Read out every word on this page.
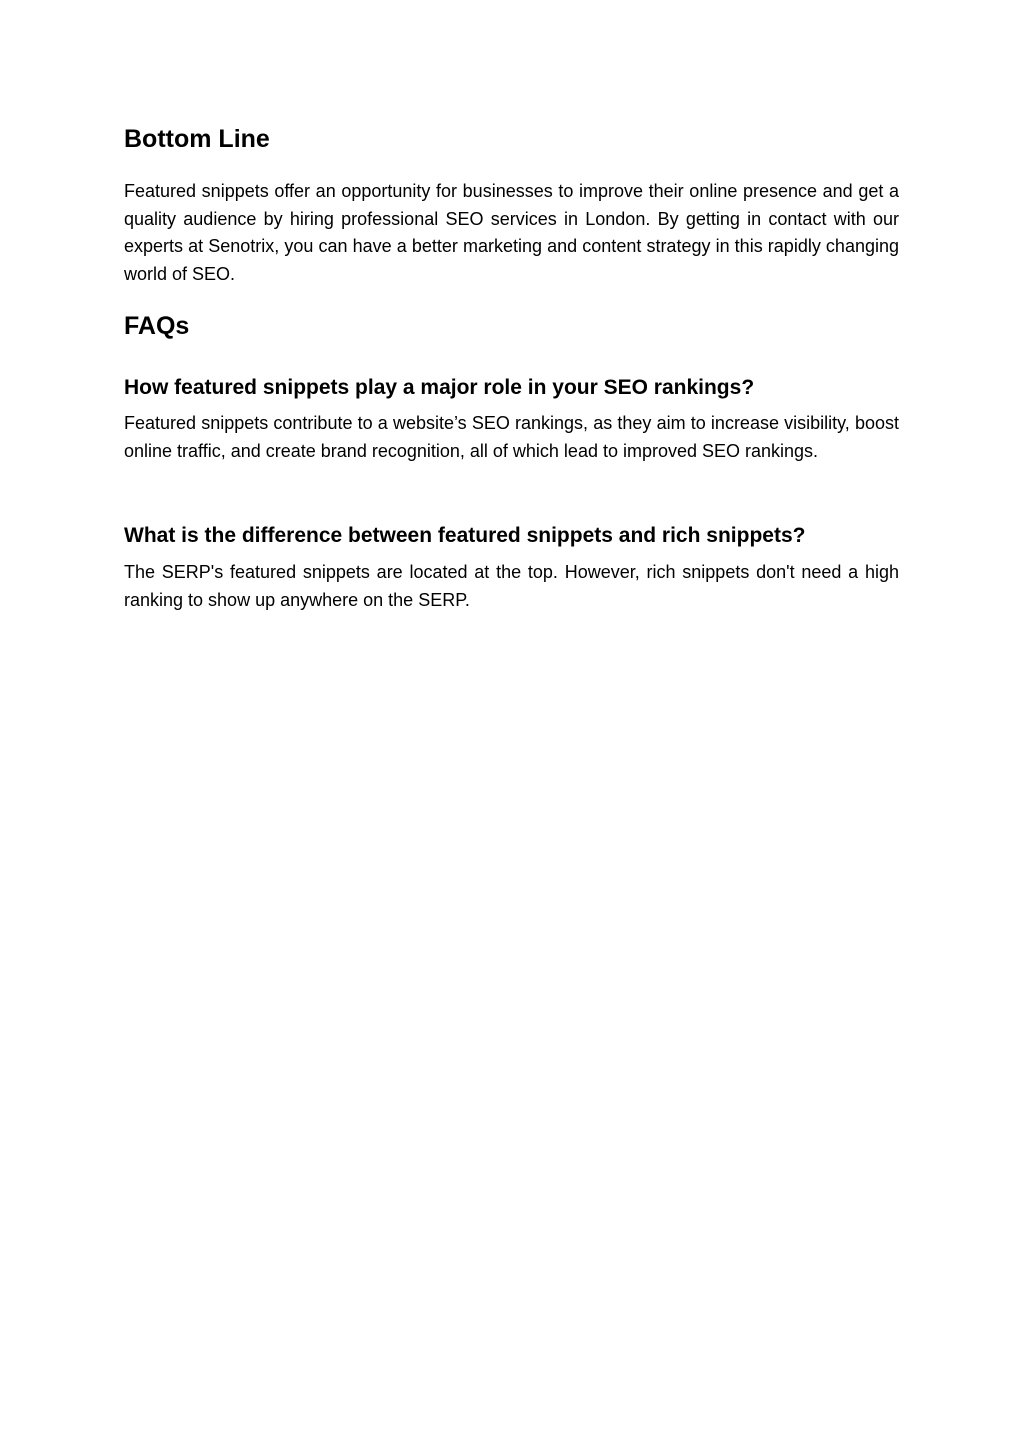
Bottom Line

Featured snippets offer an opportunity for businesses to improve their online presence and get a quality audience by hiring professional SEO services in London. By getting in contact with our experts at Senotrix, you can have a better marketing and content strategy in this rapidly changing world of SEO.

FAQs
How featured snippets play a major role in your SEO rankings?

Featured snippets contribute to a website’s SEO rankings, as they aim to increase visibility, boost online traffic, and create brand recognition, all of which lead to improved SEO rankings.

What is the difference between featured snippets and rich snippets?

The SERP's featured snippets are located at the top. However, rich snippets don't need a high ranking to show up anywhere on the SERP.
